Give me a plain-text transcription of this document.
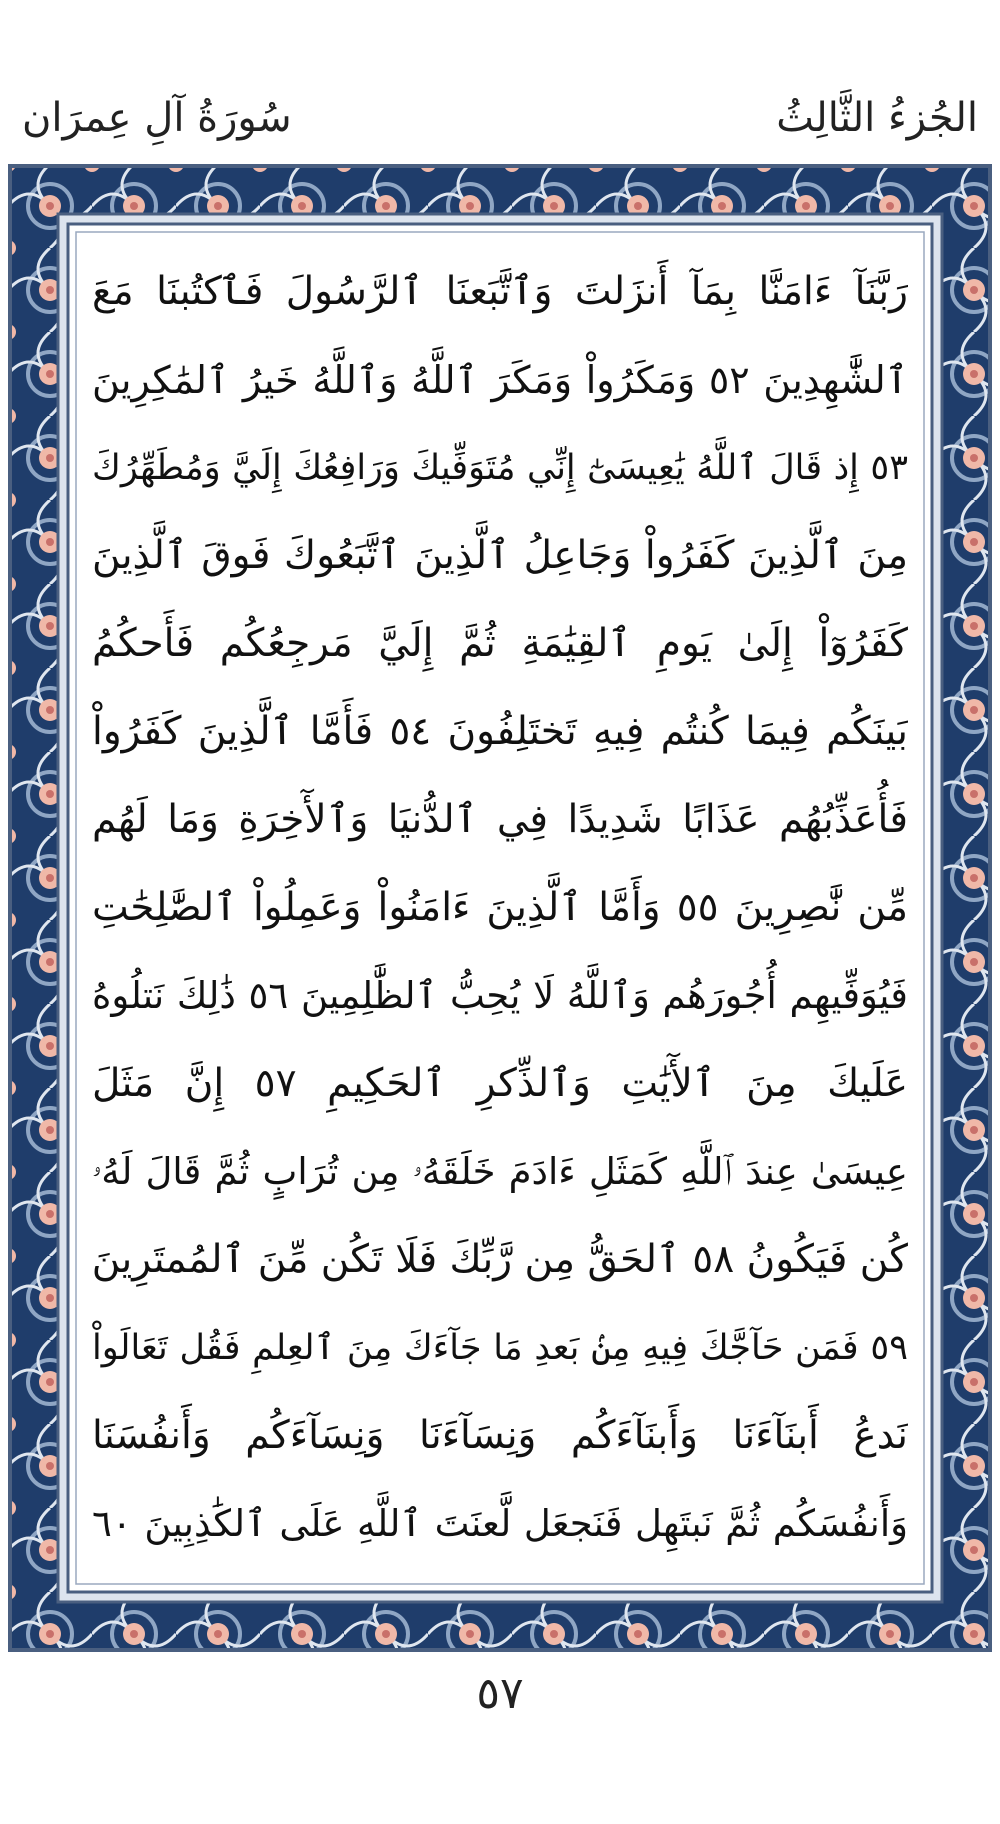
الجُزءُ الثَّالِثُ
سُورَةُ آلِ عِمرَان
رَبَّنَآ ءَامَنَّا بِمَآ أَنزَلتَ وَٱتَّبَعنَا ٱلرَّسُولَ فَٱكتُبنَا مَعَ
ٱلشَّٰهِدِينَ ٥٢ وَمَكَرُواْ وَمَكَرَ ٱللَّهُ وَٱللَّهُ خَيرُ ٱلمَٰكِرِينَ
٥٣ إِذ قَالَ ٱللَّهُ يَٰعِيسَىٰٓ إِنِّي مُتَوَفِّيكَ وَرَافِعُكَ إِلَيَّ وَمُطَهِّرُكَ
مِنَ ٱلَّذِينَ كَفَرُواْ وَجَاعِلُ ٱلَّذِينَ ٱتَّبَعُوكَ فَوقَ ٱلَّذِينَ
كَفَرُوٓاْ إِلَىٰ يَومِ ٱلقِيَٰمَةِ ثُمَّ إِلَيَّ مَرجِعُكُم فَأَحكُمُ
بَينَكُم فِيمَا كُنتُم فِيهِ تَختَلِفُونَ ٥٤ فَأَمَّا ٱلَّذِينَ كَفَرُواْ
فَأُعَذِّبُهُم عَذَابًا شَدِيدًا فِي ٱلدُّنيَا وَٱلأٓخِرَةِ وَمَا لَهُم
مِّن نَّٰصِرِينَ ٥٥ وَأَمَّا ٱلَّذِينَ ءَامَنُواْ وَعَمِلُواْ ٱلصَّٰلِحَٰتِ
فَيُوَفِّيهِم أُجُورَهُم وَٱللَّهُ لَا يُحِبُّ ٱلظَّٰلِمِينَ ٥٦ ذَٰلِكَ نَتلُوهُ
عَلَيكَ مِنَ ٱلأٓيَٰتِ وَٱلذِّكرِ ٱلحَكِيمِ ٥٧ إِنَّ مَثَلَ
عِيسَىٰ عِندَ ٱللَّهِ كَمَثَلِ ءَادَمَ خَلَقَهُۥ مِن تُرَابٍ ثُمَّ قَالَ لَهُۥ
كُن فَيَكُونُ ٥٨ ٱلحَقُّ مِن رَّبِّكَ فَلَا تَكُن مِّنَ ٱلمُمتَرِينَ
٥٩ فَمَن حَآجَّكَ فِيهِ مِنۢ بَعدِ مَا جَآءَكَ مِنَ ٱلعِلمِ فَقُل تَعَالَواْ
نَدعُ أَبنَآءَنَا وَأَبنَآءَكُم وَنِسَآءَنَا وَنِسَآءَكُم وَأَنفُسَنَا
وَأَنفُسَكُم ثُمَّ نَبتَهِل فَنَجعَل لَّعنَتَ ٱللَّهِ عَلَى ٱلكَٰذِبِينَ ٦٠
٥٧
